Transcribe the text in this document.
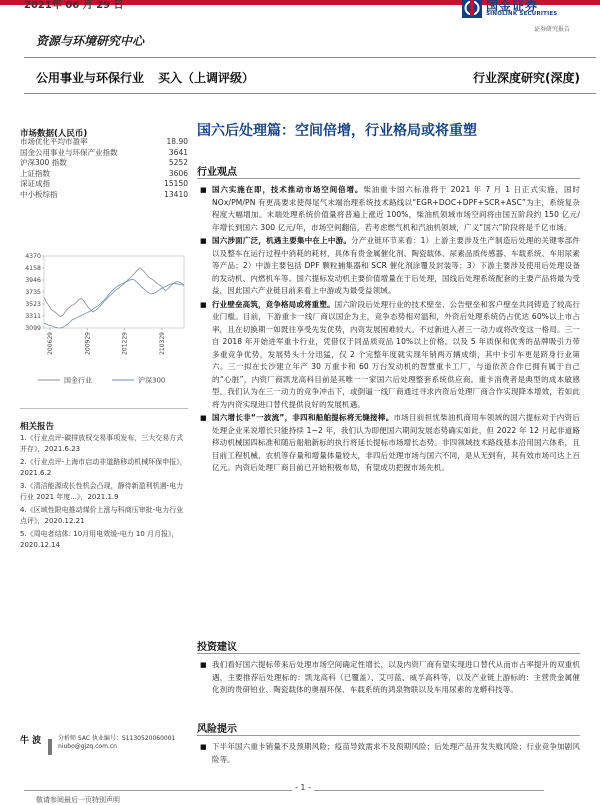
2021年 06 月 29 日	国金证券
SINOLINK SECURITIES
证券研究报告
资源与环境研究中心
公用事业与环保行业 买入（上调评级）	行业深度研究(深度)
市场数据(人民币)
市场优化平均市盈率	18.90
国金公用事业与环保产业指数	3641
沪深300 指数	5252
上证指数	3606
深证成指	15150
中小板综指	13410
4370
4158
3946
3735
3523
3311
3099
200629	200929	201229	210329
国金行业	沪深300
相关报告
1.《行业点评-碳排放权交易事项发布，三大交易方式并存》，2021.6.23
2.《行业点评-上海市启动非道路移动机械环保申报》，2021.6.2
3.《清洁能源成长性机会凸现，静待新盈利机遇-电力行业 2021 年度...》，2021.1.9
4.《区域性限电推动煤价上涨与科商压审批-电力行业点评》，2020.12.21
5.《周电者结体: 10月用电效缓-电力 10 月月报》，2020.12.14
牛 波	分析师 SAC 执业编号：S1130520060001
niubo@gjzq.com.cn
国六后处理篇：空间倍增，行业格局或将重塑
行业观点
■ 国六实施在即，技术推动市场空间倍增。柴油重卡国六标准将于 2021 年 7 月 1 日正式实施，国时 NOx/PM/PN 有更高要求使得尾气末端治理系统技术路线以“EGR+DOC+DPF+SCR+ASC”为主，系统复杂程度大幅增加。末端处理系统价值量将普遍上涨近 100%，柴油机领域市场空间将由国五阶段约 150 亿元/年增长到国六 300 亿元/年，市场空间翻倍，若考虑燃气机和汽油机领域，广义“国六”阶段将是千亿市场。
■ 国六涉面广泛，机遇主要集中在上中游。分产业链环节来看：1）上游主要涉及生产制造后处理的关键零部件以及整车在运行过程中消耗的耗材，具体有贵金属催化剂、陶瓷载体、尿素品质传感器、车载系统、车用尿素等产品；2）中游主要包括 DPF 颗粒捕集器和 SCR 催化剂涂覆及封装等；3）下游主要涉及使用后处理设备的发动机、内燃机车等。国六提标发动机主要价值增量在于后处理，国线后处理系统配套的主要产品将最为受益，因此国六产业链目前来看上中游或为最受益领域。
■ 行业壁垒高筑，竞争格局或将重塑。国六阶段后处理行业的技术壁垒、公告壁垒和客户壁垒共同铸造了较高行业门槛。目前，下游重卡一线厂商以国企为主，竞争态势相对温和，外资后处理系统仍占优达 60%以上市占率，且在切换期一如既往享受先发优势，内资发展困难较大。不过新进入者三一动力或将改变这一格局。三一自 2018 年开始进军重卡行业，凭借仅于同品质竞品 10%以上价格。以及 5 年质保和优秀的品牌吸引力带多重竞争优势，发展势头十分迅猛，仅 2 个完整年度就实现年销两万辆成绩，其中卡引车更是跻身行业第六。三一拟在长沙建立年产 30 万重卡和 60 万台发动机的智慧重卡工厂，与道依茨合作已拥有属于自己的“心脏”，内资厂商凯龙高科目前是其唯一一家国六后处理整套系统供应商。重卡消费者是典型的成本敏感型，我们认为在三一动力的竞争冲击下，或倒逼一线厂商通过寻求内资后处理厂商合作实现降本增效，若如此将为内资实现进口替代提供良好的发展机遇。
■ 国六增长非“一波流”，非四和船舶提标将无缝接棒。市场目前担忧柴油机商用车领域的国六提标对于内资后处理企业来说增长只能持续 1~2 年，我们认为即便国六期间发展态势确实如此，但 2022 年 12 月起非道路移动机械国四标准和随后船舶新标的执行将延长提标市场增长态势。非四领域技术路线基本沿用国六体系，且目前工程机械、农机等存量和增量体量较大，非四后处理市场与国六不同，是从无到有，其有效市场可达上百亿元。内资后处理厂商目前已开始积极布局，有望成功把握市场先机。
投资建议
■ 我们看好国六提标带来后处理市场空间确定性增长，以及内资厂商有望实现进口替代从而市占率提升的双重机遇，主要推荐后处理标的：凯龙高科（已覆盖）、艾可蓝、威孚高科等，以及产业链上游标的：主营贵金属催化剂的贵研铂业、陶瓷载体的奥福环保、车载系统的鸿泉物联以及车用尿素的龙蟒科技等。
风险提示
■ 下半年国六重卡销量不及预期风险；疫苗导致需求不及预期风险；后处理产品开发失败风险；行业竞争加剧风险等。
- 1 -
敬请参阅最后一页特别声明
